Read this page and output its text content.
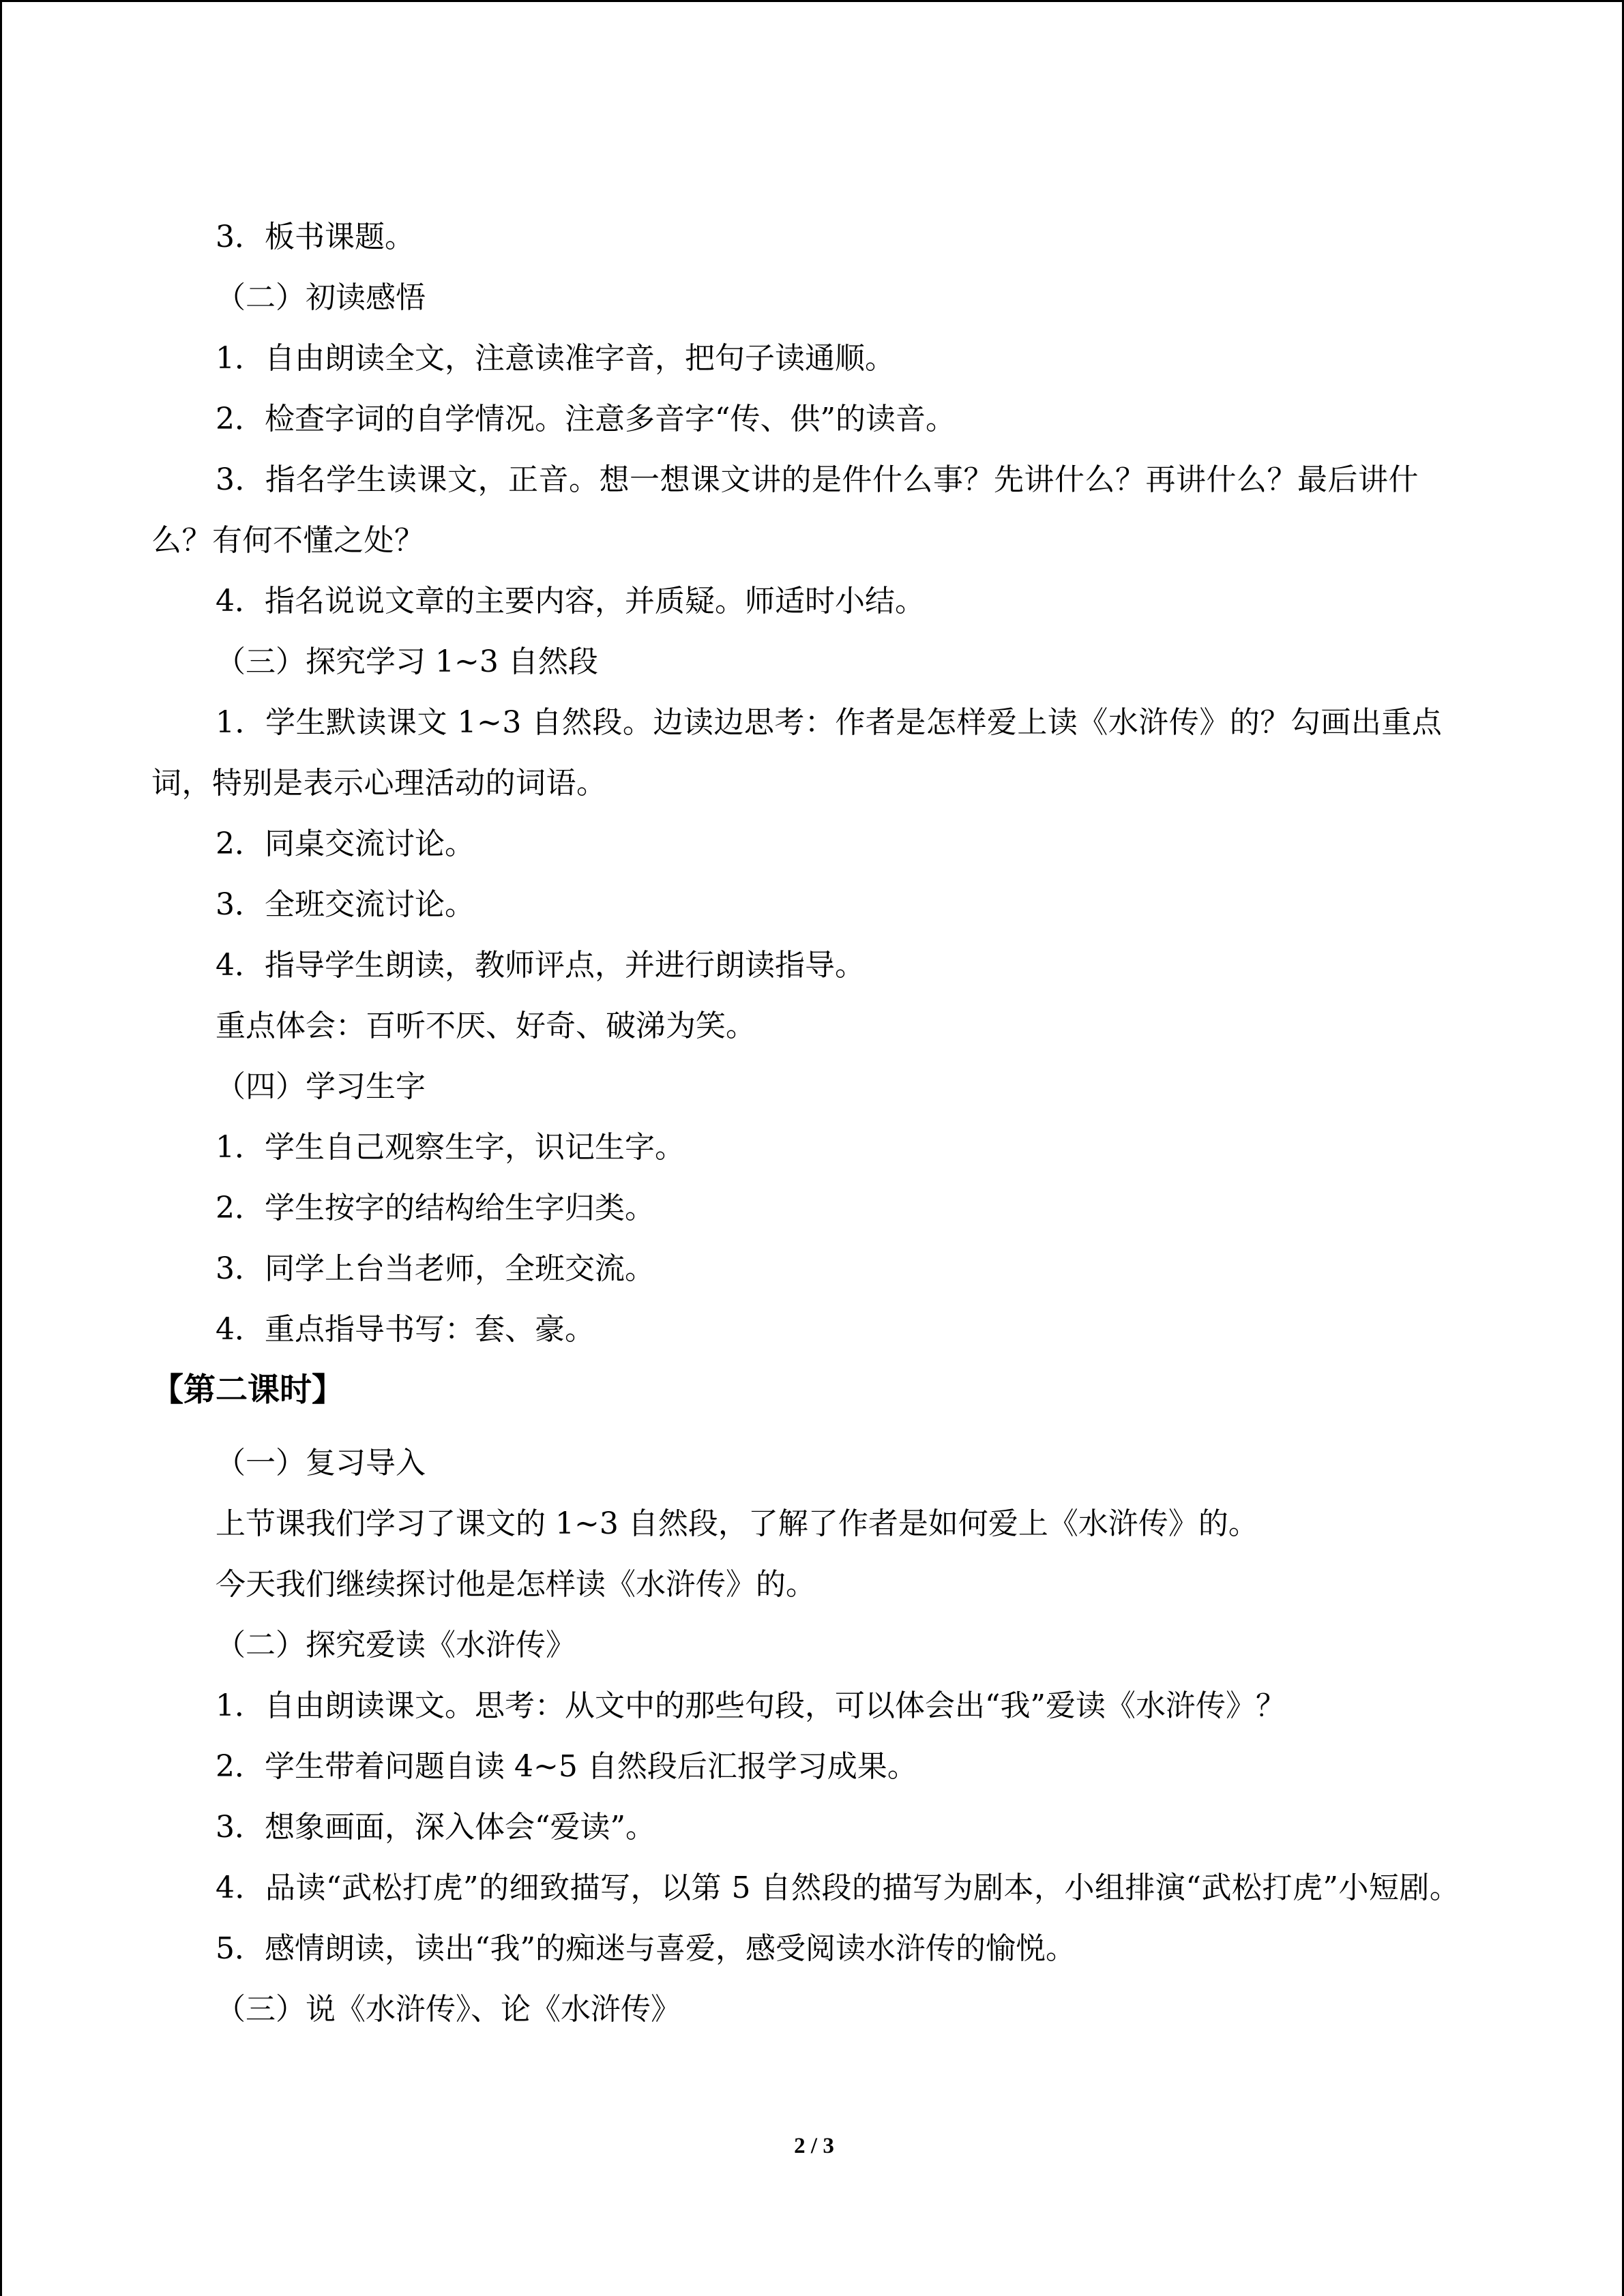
3．板书课题。
（二）初读感悟
1．自由朗读全文，注意读准字音，把句子读通顺。
2．检查字词的自学情况。注意多音字“传、供”的读音。
3．指名学生读课文，正音。想一想课文讲的是件什么事？先讲什么？再讲什么？最后讲什么？有何不懂之处？
4．指名说说文章的主要内容，并质疑。师适时小结。
（三）探究学习 1~3 自然段
1．学生默读课文 1~3 自然段。边读边思考：作者是怎样爱上读《水浒传》的？勾画出重点词，特别是表示心理活动的词语。
2．同桌交流讨论。
3．全班交流讨论。
4．指导学生朗读，教师评点，并进行朗读指导。
重点体会：百听不厌、好奇、破涕为笑。
（四）学习生字
1．学生自己观察生字，识记生字。
2．学生按字的结构给生字归类。
3．同学上台当老师，全班交流。
4．重点指导书写：套、豪。
【第二课时】
（一）复习导入
上节课我们学习了课文的 1~3 自然段，了解了作者是如何爱上《水浒传》的。
今天我们继续探讨他是怎样读《水浒传》的。
（二）探究爱读《水浒传》
1．自由朗读课文。思考：从文中的那些句段，可以体会出“我”爱读《水浒传》？
2．学生带着问题自读 4~5 自然段后汇报学习成果。
3．想象画面，深入体会“爱读”。
4．品读“武松打虎”的细致描写，以第 5 自然段的描写为剧本，小组排演“武松打虎”小短剧。
5．感情朗读，读出“我”的痴迷与喜爱，感受阅读水浒传的愉悦。
（三）说《水浒传》、论《水浒传》
2 / 3
